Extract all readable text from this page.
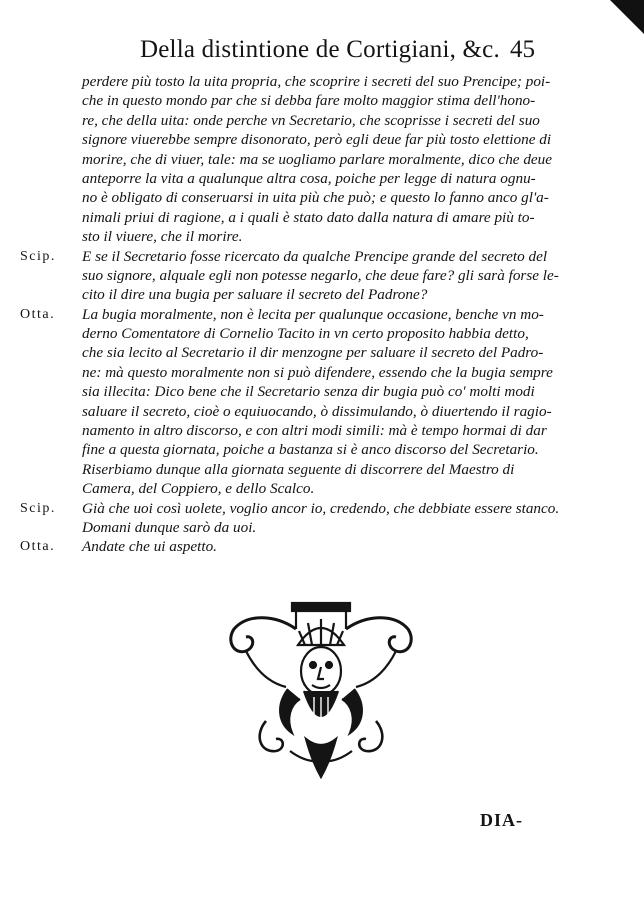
Della distintione de Cortigiani, &c. 45
perdere più tosto la uita propria, che scoprire i secreti del suo Prencipe; poi-
che in questo mondo par che si debba fare molto maggior stima dell'hono-
re, che della uita: onde perche vn Secretario, che scoprisse i secreti del suo
signore viuerebbe sempre disonorato, però egli deue far più tosto elettione di
morire, che di viuer, tale: ma se uogliamo parlare moralmente, dico che deue
anteporre la vita a qualunque altra cosa, poiche per legge di natura ognu-
no è obligato di conseruarsi in uita più che può; e questo lo fanno anco gl'a-
nimali priui di ragione, a i quali è stato dato dalla natura di amare più to-
sto il viuere, che il morire.
Scip. E se il Secretario fosse ricercato da qualche Prencipe grande del secreto del
suo signore, alquale egli non potesse negarlo, che deue fare? gli sarà forse le-
cito il dire una bugia per saluare il secreto del Padrone?
Otta. La bugia moralmente, non è lecita per qualunque occasione, benche vn mo-
derno Comentatore di Cornelio Tacito in vn certo proposito habbia detto,
che sia lecito al Secretario il dir menzogne per saluare il secreto del Padro-
ne: mà questo moralmente non si può difendere, essendo che la bugia sempre
sia illecita: Dico bene che il Secretario senza dir bugia può co' molti modi
saluare il secreto, cioè o equiuocando, ò dissimulando, ò diuertendo il ragio-
namento in altro discorso, e con altri modi simili: mà è tempo hormai di dar
fine a questa giornata, poiche a bastanza si è anco discorso del Secretario.
Riserbiamo dunque alla giornata seguente di discorrere del Maestro di
Camera, del Coppiero, e dello Scalco.
Scip. Già che uoi così uolete, voglio ancor io, credendo, che debbiate essere stanco.
Domani dunque sarò da uoi.
Otta. Andate che ui aspetto.
DIA-
